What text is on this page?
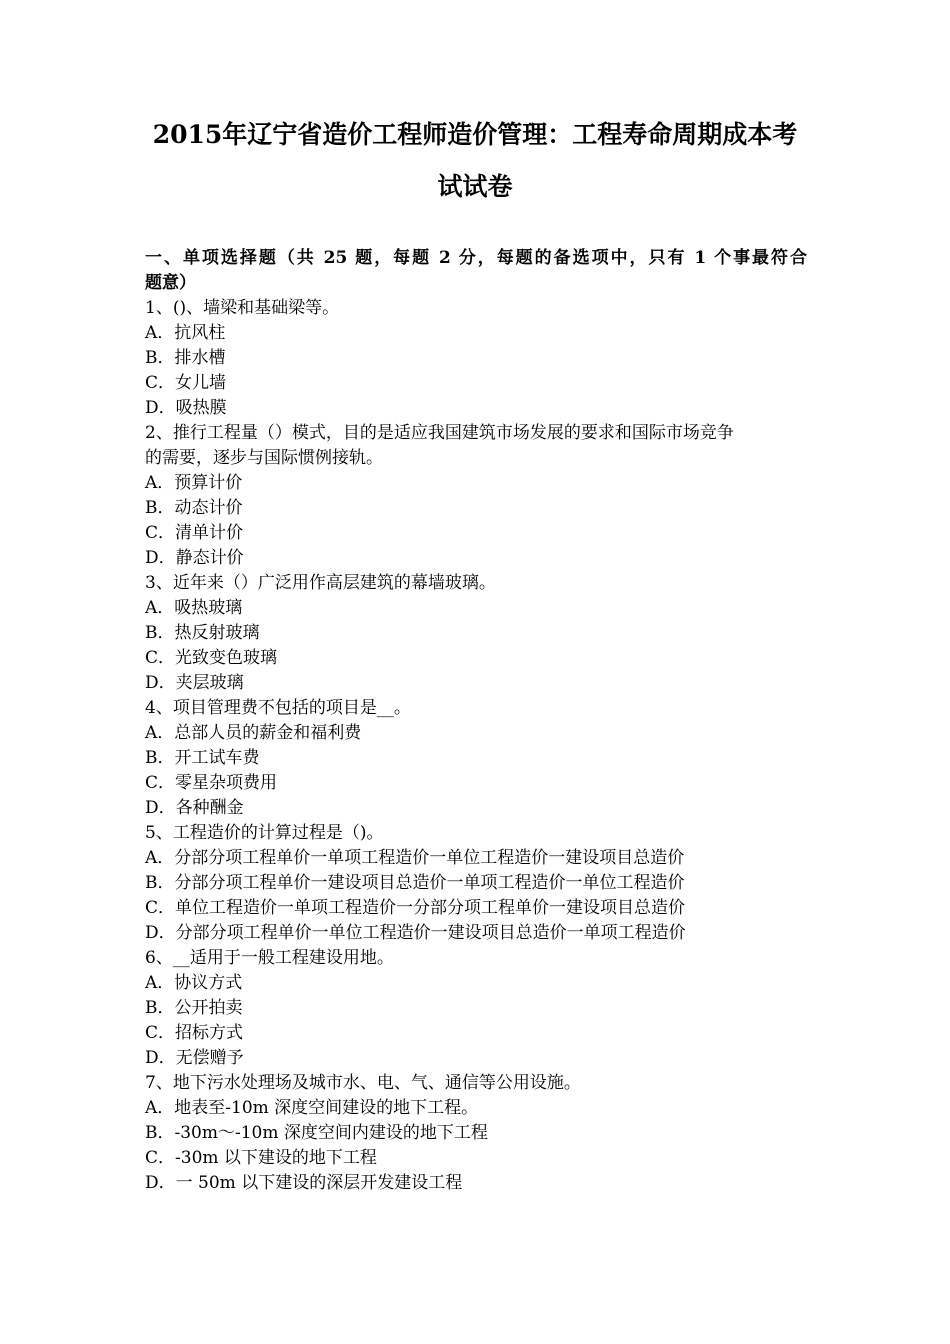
2015年辽宁省造价工程师造价管理：工程寿命周期成本考
试试卷
一、单项选择题（共 25 题，每题 2 分，每题的备选项中，只有 1 个事最符合
题意）
1、()、墙梁和基础梁等。
A．抗风柱
B．排水槽
C．女儿墙
D．吸热膜
2、推行工程量（）模式，目的是适应我国建筑市场发展的要求和国际市场竞争
的需要，逐步与国际惯例接轨。
A．预算计价
B．动态计价
C．清单计价
D．静态计价
3、近年来（）广泛用作高层建筑的幕墙玻璃。
A．吸热玻璃
B．热反射玻璃
C．光致变色玻璃
D．夹层玻璃
4、项目管理费不包括的项目是__。
A．总部人员的薪金和福利费
B．开工试车费
C．零星杂项费用
D．各种酬金
5、工程造价的计算过程是（)。
A．分部分项工程单价一单项工程造价一单位工程造价一建设项目总造价
B．分部分项工程单价一建设项目总造价一单项工程造价一单位工程造价
C．单位工程造价一单项工程造价一分部分项工程单价一建设项目总造价
D．分部分项工程单价一单位工程造价一建设项目总造价一单项工程造价
6、__适用于一般工程建设用地。
A．协议方式
B．公开拍卖
C．招标方式
D．无偿赠予
7、地下污水处理场及城市水、电、气、通信等公用设施。
A．地表至-10m 深度空间建设的地下工程。
B．-30m～-10m 深度空间内建设的地下工程
C．-30m 以下建设的地下工程
D．一 50m 以下建设的深层开发建设工程
